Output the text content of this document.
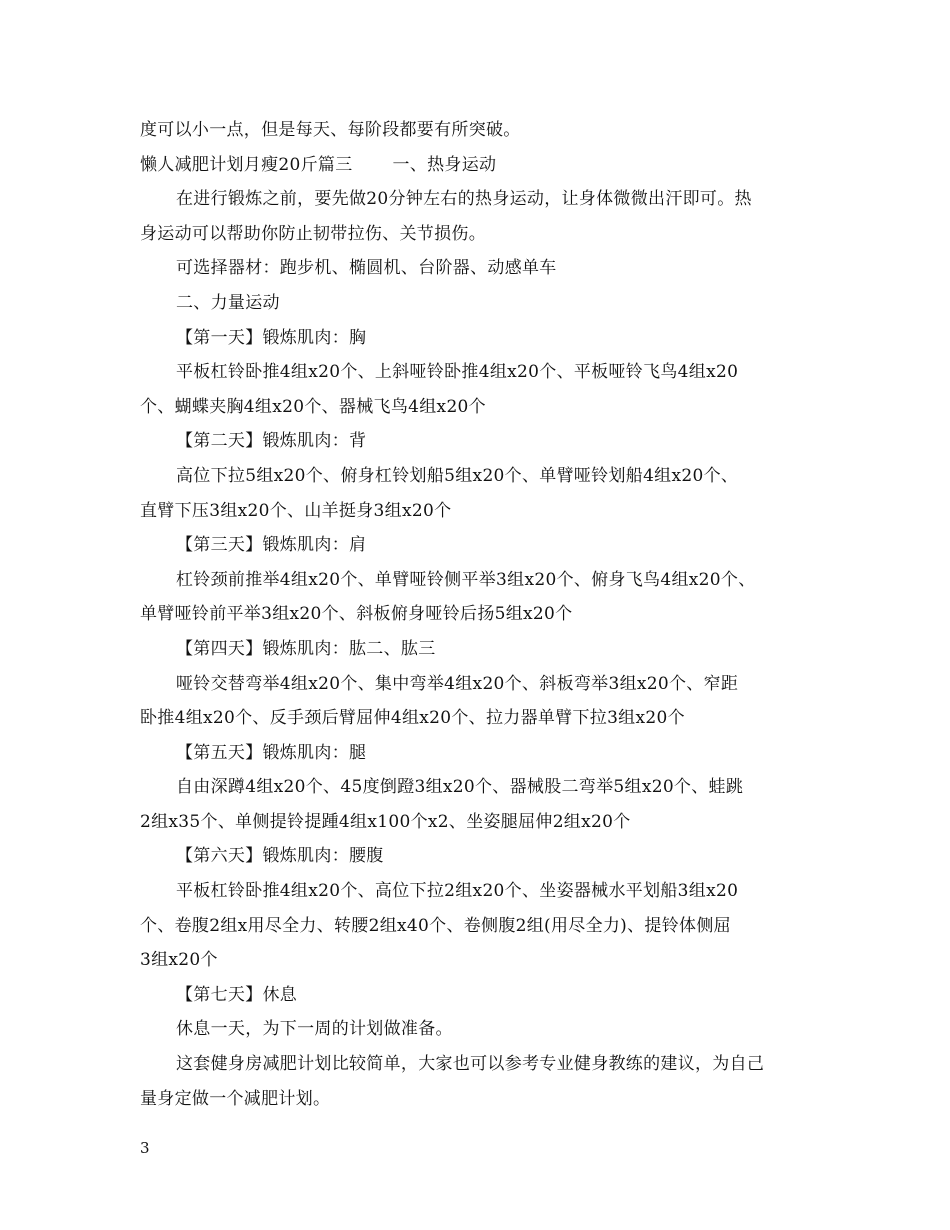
度可以小一点，但是每天、每阶段都要有所突破。
懒人减肥计划月瘦20斤篇三 一、热身运动
在进行锻炼之前，要先做20分钟左右的热身运动，让身体微微出汗即可。热
身运动可以帮助你防止韧带拉伤、关节损伤。
可选择器材：跑步机、椭圆机、台阶器、动感单车
二、力量运动
【第一天】锻炼肌肉：胸
平板杠铃卧推4组x20个、上斜哑铃卧推4组x20个、平板哑铃飞鸟4组x20
个、蝴蝶夹胸4组x20个、器械飞鸟4组x20个
【第二天】锻炼肌肉：背
高位下拉5组x20个、俯身杠铃划船5组x20个、单臂哑铃划船4组x20个、
直臂下压3组x20个、山羊挺身3组x20个
【第三天】锻炼肌肉：肩
杠铃颈前推举4组x20个、单臂哑铃侧平举3组x20个、俯身飞鸟4组x20个、
单臂哑铃前平举3组x20个、斜板俯身哑铃后扬5组x20个
【第四天】锻炼肌肉：肱二、肱三
哑铃交替弯举4组x20个、集中弯举4组x20个、斜板弯举3组x20个、窄距
卧推4组x20个、反手颈后臂屈伸4组x20个、拉力器单臂下拉3组x20个
【第五天】锻炼肌肉：腿
自由深蹲4组x20个、45度倒蹬3组x20个、器械股二弯举5组x20个、蛙跳
2组x35个、单侧提铃提踵4组x100个x2、坐姿腿屈伸2组x20个
【第六天】锻炼肌肉：腰腹
平板杠铃卧推4组x20个、高位下拉2组x20个、坐姿器械水平划船3组x20
个、卷腹2组x用尽全力、转腰2组x40个、卷侧腹2组(用尽全力)、提铃体侧屈
3组x20个
【第七天】休息
休息一天，为下一周的计划做准备。
这套健身房减肥计划比较简单，大家也可以参考专业健身教练的建议，为自己
量身定做一个减肥计划。
3
